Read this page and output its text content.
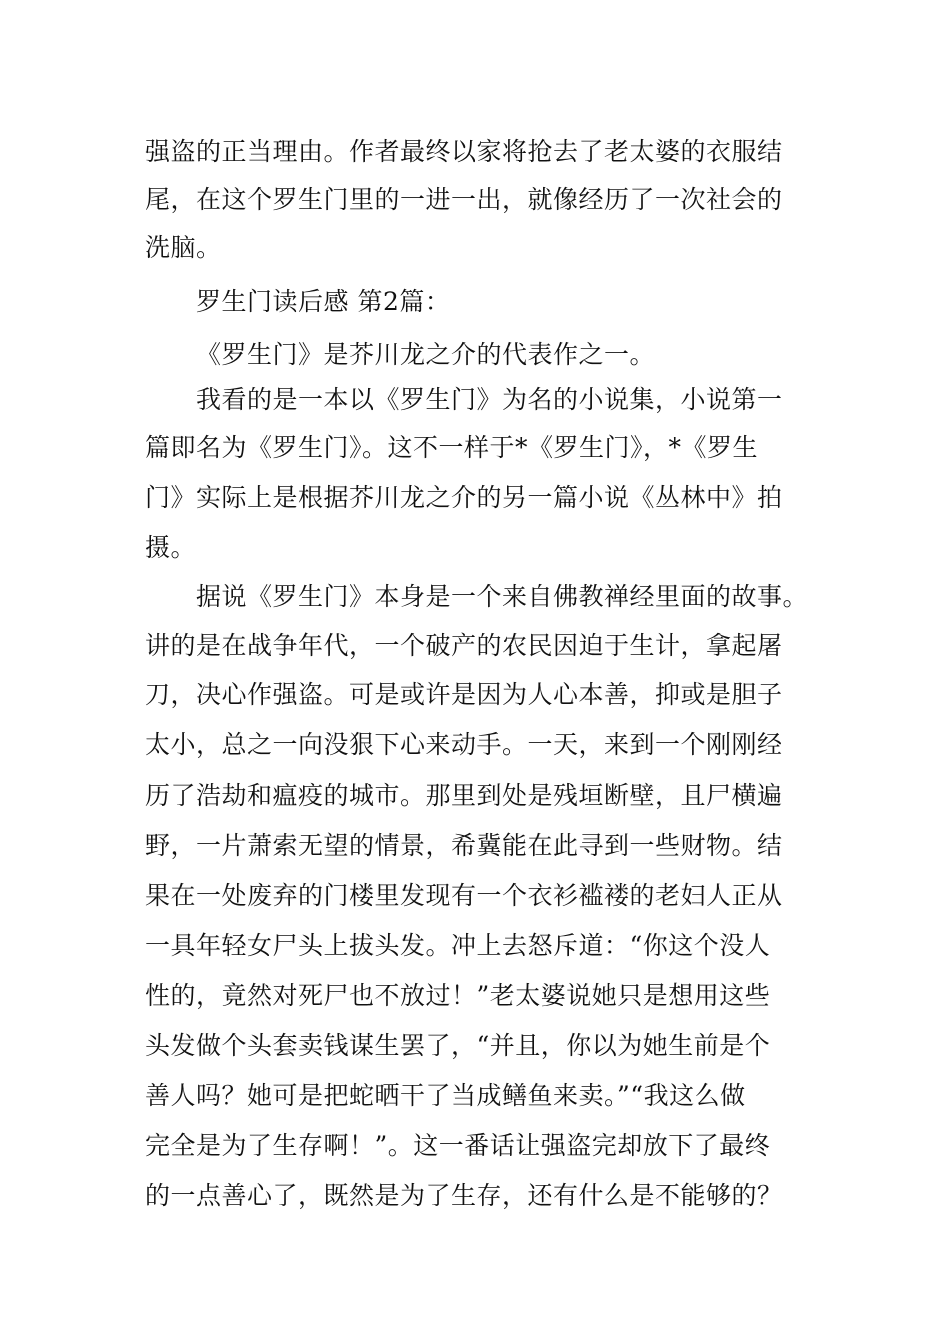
强盗的正当理由。作者最终以家将抢去了老太婆的衣服结
尾，在这个罗生门里的一进一出，就像经历了一次社会的
洗脑。
罗生门读后感 第2篇：
《罗生门》是芥川龙之介的代表作之一。
我看的是一本以《罗生门》为名的小说集，小说第一
篇即名为《罗生门》。这不一样于*《罗生门》，*《罗生
门》实际上是根据芥川龙之介的另一篇小说《丛林中》拍
摄。
据说《罗生门》本身是一个来自佛教禅经里面的故事。
讲的是在战争年代，一个破产的农民因迫于生计，拿起屠
刀，决心作强盗。可是或许是因为人心本善，抑或是胆子
太小，总之一向没狠下心来动手。一天，来到一个刚刚经
历了浩劫和瘟疫的城市。那里到处是残垣断壁，且尸横遍
野，一片萧索无望的情景，希冀能在此寻到一些财物。结
果在一处废弃的门楼里发现有一个衣衫褴褛的老妇人正从
一具年轻女尸头上拔头发。冲上去怒斥道：“你这个没人
性的，竟然对死尸也不放过！”老太婆说她只是想用这些
头发做个头套卖钱谋生罢了，“并且，你以为她生前是个
善人吗？她可是把蛇晒干了当成鳝鱼来卖。”“我这么做
完全是为了生存啊！”。这一番话让强盗完却放下了最终
的一点善心了，既然是为了生存，还有什么是不能够的？
